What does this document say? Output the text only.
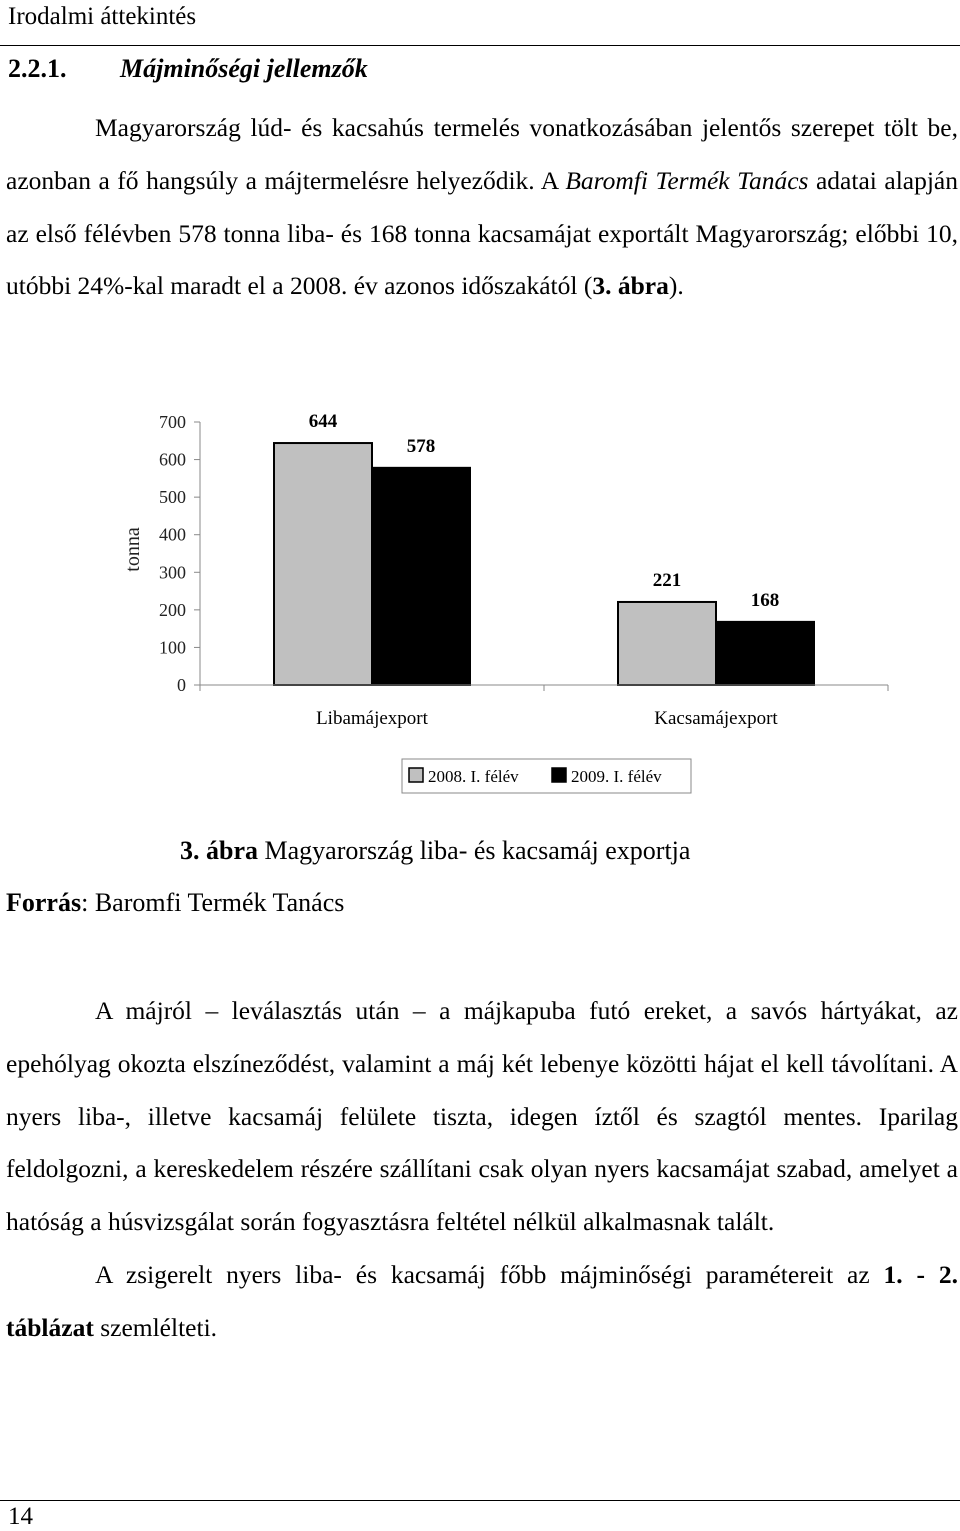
Irodalmi áttekintés
2.2.1. Májminőségi jellemzők

Magyarország lúd- és kacsahús termelés vonatkozásában jelentős szerepet tölt be, azonban a fő hangsúly a májtermelésre helyeződik. A Baromfi Termék Tanács adatai alapján az első félévben 578 tonna liba- és 168 tonna kacsamájat exportált Magyarország; előbbi 10, utóbbi 24%-kal maradt el a 2008. év azonos időszakától (3. ábra).

0
100
200
300
400
500
600
700
tonna
644
578
221
168
Libamájexport	Kacsamájexport
2008. I. félév	2009. I. félév
3. ábra Magyarország liba- és kacsamáj exportja
Forrás: Baromfi Termék Tanács

A májról – leválasztás után – a májkapuba futó ereket, a savós hártyákat, az epehólyag okozta elszíneződést, valamint a máj két lebenye közötti hájat el kell távolítani. A nyers liba-, illetve kacsamáj felülete tiszta, idegen íztől és szagtól mentes. Iparilag feldolgozni, a kereskedelem részére szállítani csak olyan nyers kacsamájat szabad, amelyet a hatóság a húsvizsgálat során fogyasztásra feltétel nélkül alkalmasnak talált.

A zsigerelt nyers liba- és kacsamáj főbb májminőségi paramétereit az 1. - 2. táblázat szemlélteti.

14
